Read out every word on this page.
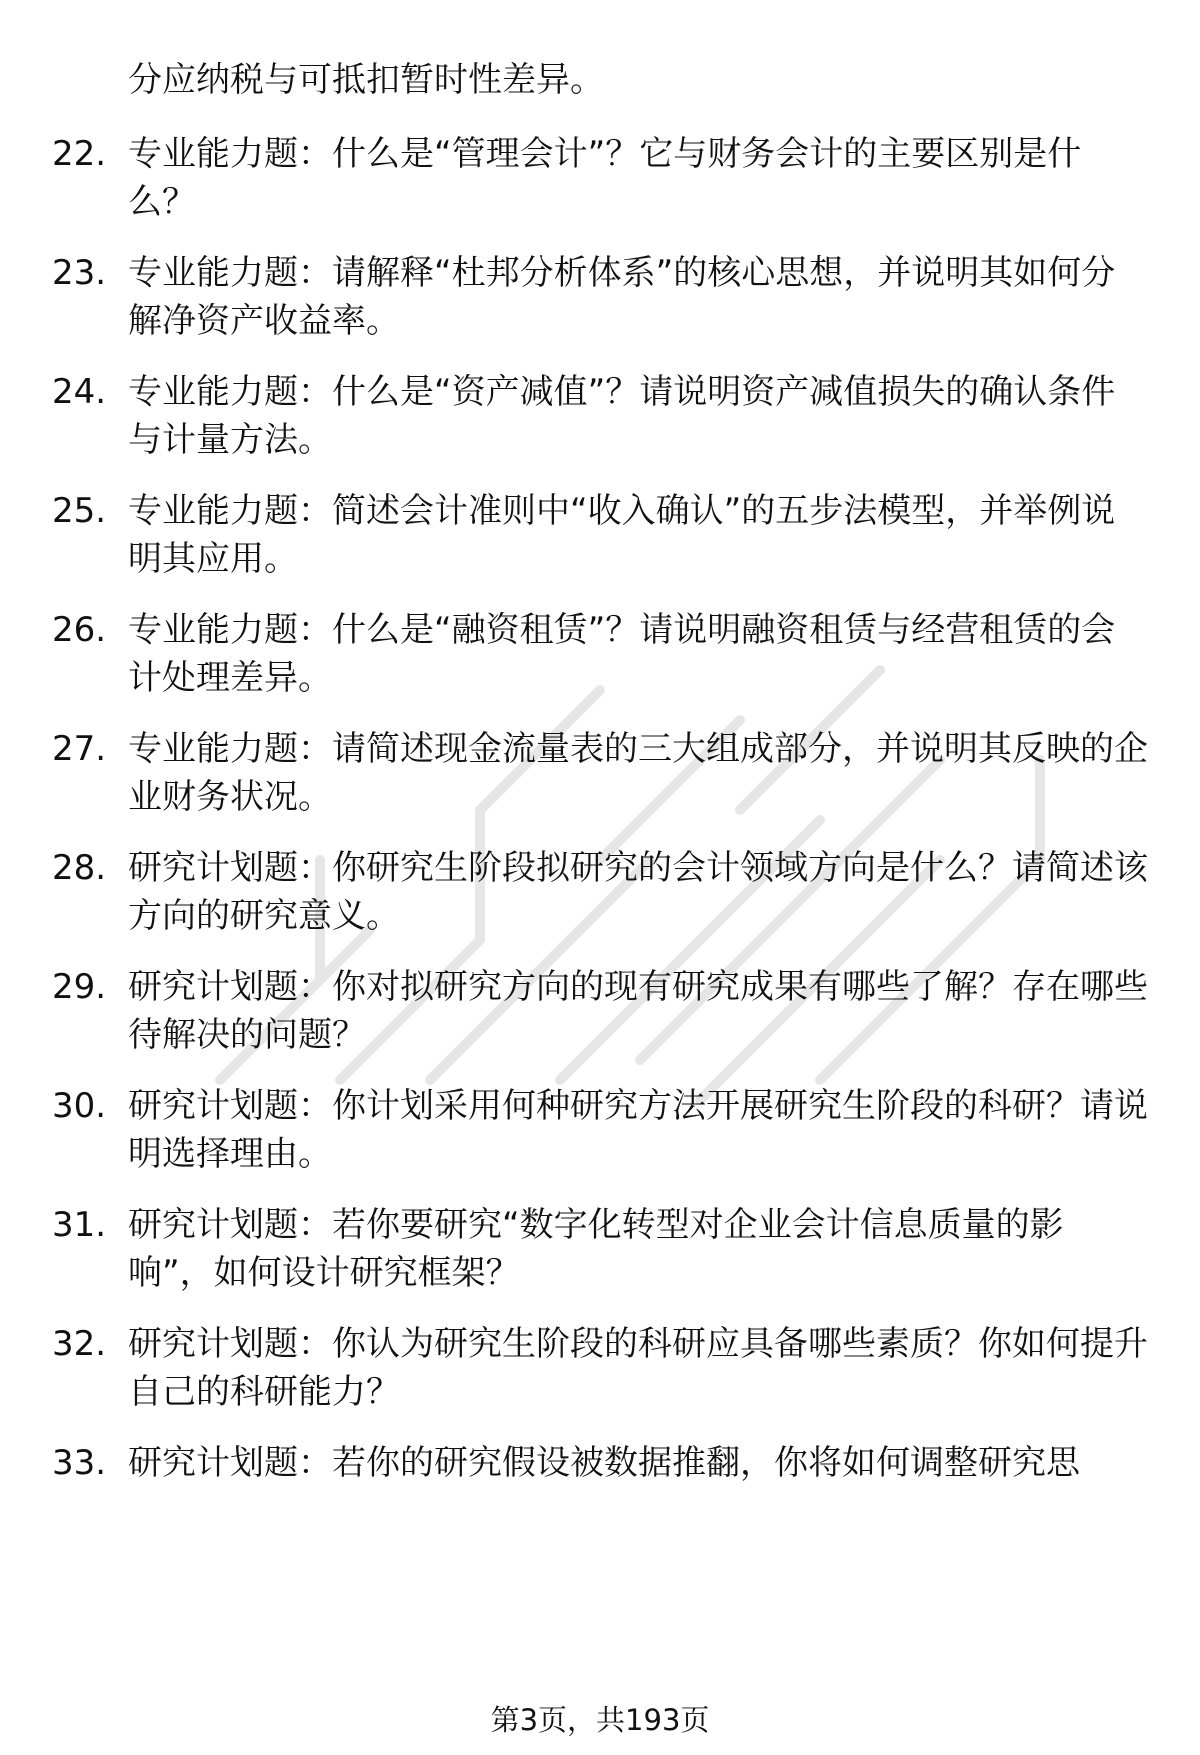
分应纳税与可抵扣暂时性差异。
22. 专业能力题：什么是“管理会计”？它与财务会计的主要区别是什么？
23. 专业能力题：请解释“杜邦分析体系”的核心思想，并说明其如何分解净资产收益率。
24. 专业能力题：什么是“资产减值”？请说明资产减值损失的确认条件与计量方法。
25. 专业能力题：简述会计准则中“收入确认”的五步法模型，并举例说明其应用。
26. 专业能力题：什么是“融资租赁”？请说明融资租赁与经营租赁的会计处理差异。
27. 专业能力题：请简述现金流量表的三大组成部分，并说明其反映的企业财务状况。
28. 研究计划题：你研究生阶段拟研究的会计领域方向是什么？请简述该方向的研究意义。
29. 研究计划题：你对拟研究方向的现有研究成果有哪些了解？存在哪些待解决的问题？
30. 研究计划题：你计划采用何种研究方法开展研究生阶段的科研？请说明选择理由。
31. 研究计划题：若你要研究“数字化转型对企业会计信息质量的影响”，如何设计研究框架？
32. 研究计划题：你认为研究生阶段的科研应具备哪些素质？你如何提升自己的科研能力？
33. 研究计划题：若你的研究假设被数据推翻，你将如何调整研究思
第3页，共193页
